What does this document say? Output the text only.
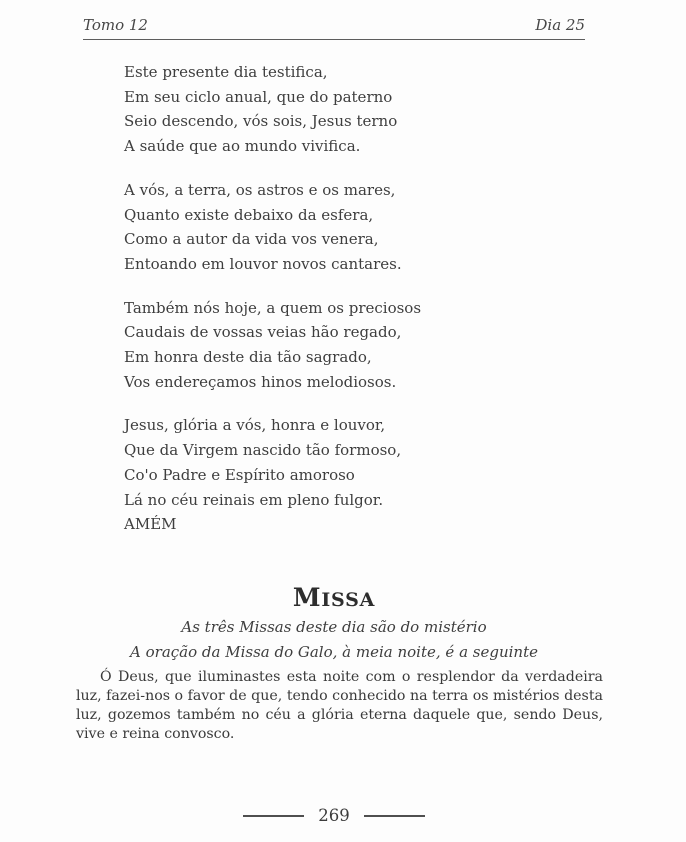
Tomo 12	Dia 25
Este presente dia testifica,
Em seu ciclo anual, que do paterno
Seio descendo, vós sois, Jesus terno
A saúde que ao mundo vivifica.
A vós, a terra, os astros e os mares,
Quanto existe debaixo da esfera,
Como a autor da vida vos venera,
Entoando em louvor novos cantares.
Também nós hoje, a quem os preciosos
Caudais de vossas veias hão regado,
Em honra deste dia tão sagrado,
Vos endereçamos hinos melodiosos.
Jesus, glória a vós, honra e louvor,
Que da Virgem nascido tão formoso,
Co'o Padre e Espírito amoroso
Lá no céu reinais em pleno fulgor.
AMÉM
MISSA

As três Missas deste dia são do mistério

A oração da Missa do Galo, à meia noite, é a seguinte

Ó Deus, que iluminastes esta noite com o resplendor da verdadeira luz, fazei-nos o favor de que, tendo conhecido na terra os mistérios desta luz, gozemos também no céu a glória eterna daquele que, sendo Deus, vive e reina convosco.

269
